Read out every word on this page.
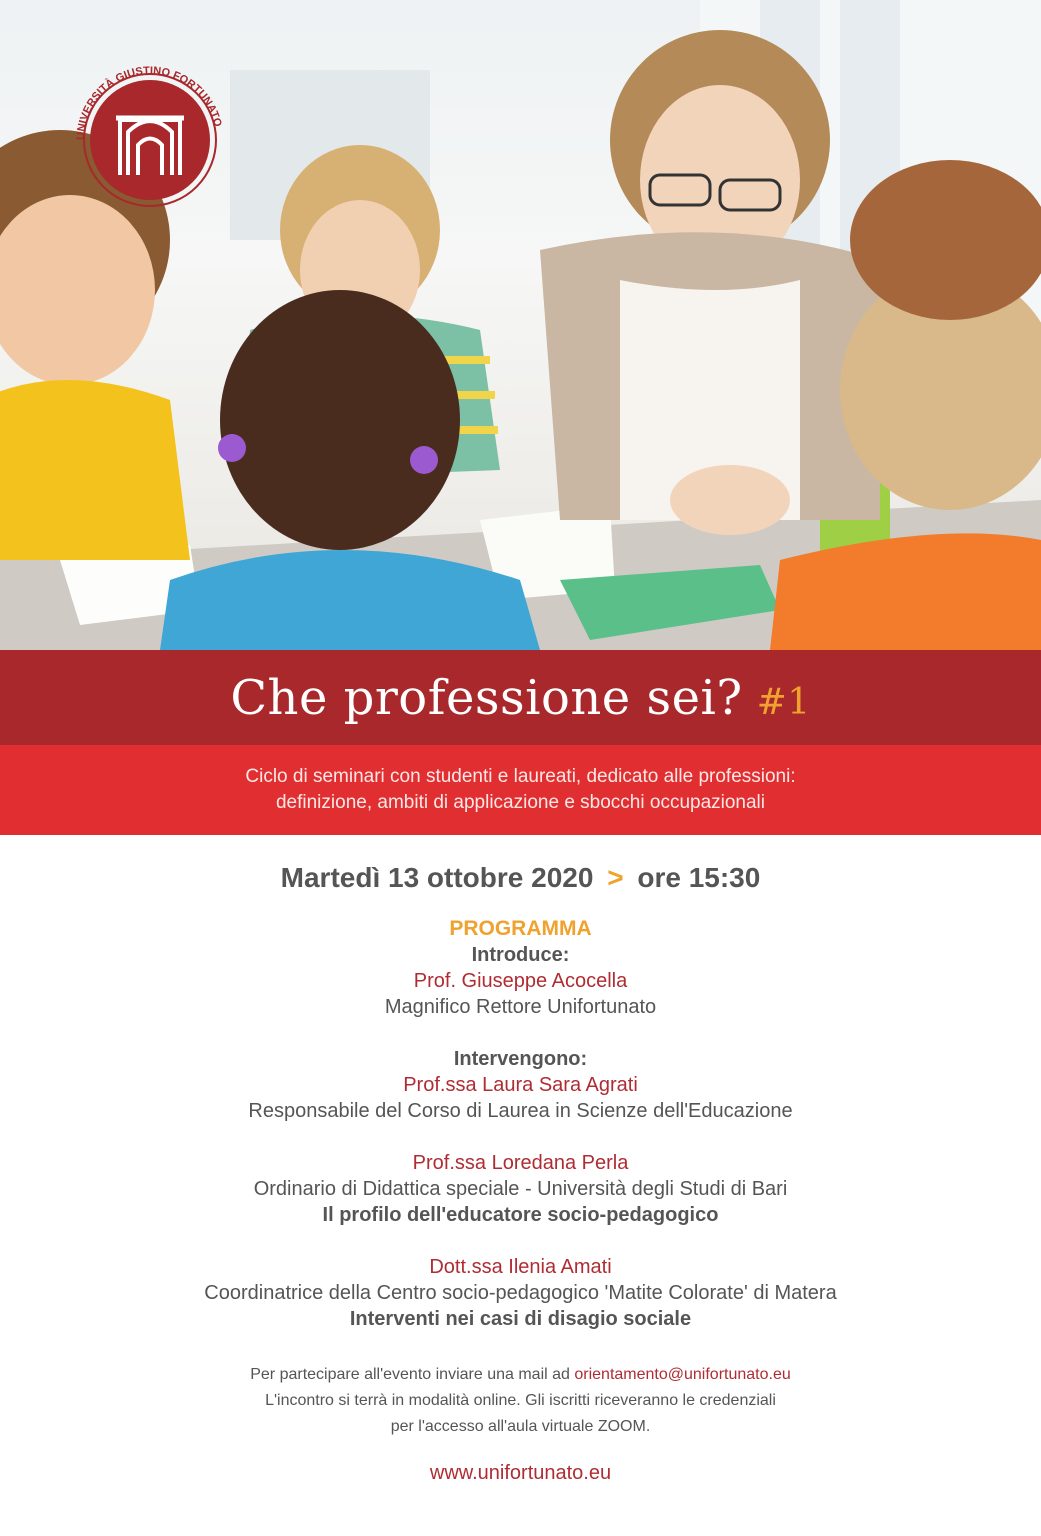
UNIVERSITÀ GIUSTINO FORTUNATO
Che professione sei? #1
Ciclo di seminari con studenti e laureati, dedicato alle professioni:
definizione, ambiti di applicazione e sbocchi occupazionali
Martedì 13 ottobre 2020 > ore 15:30
PROGRAMMA
Introduce:
Prof. Giuseppe Acocella
Magnifico Rettore Unifortunato
Intervengono:
Prof.ssa Laura Sara Agrati
Responsabile del Corso di Laurea in Scienze dell'Educazione
Prof.ssa Loredana Perla
Ordinario di Didattica speciale - Università degli Studi di Bari
Il profilo dell'educatore socio-pedagogico
Dott.ssa Ilenia Amati
Coordinatrice della Centro socio-pedagogico 'Matite Colorate' di Matera
Interventi nei casi di disagio sociale
Per partecipare all'evento inviare una mail ad orientamento@unifortunato.eu
L'incontro si terrà in modalità online. Gli iscritti riceveranno le credenziali
per l'accesso all'aula virtuale ZOOM.
www.unifortunato.eu
